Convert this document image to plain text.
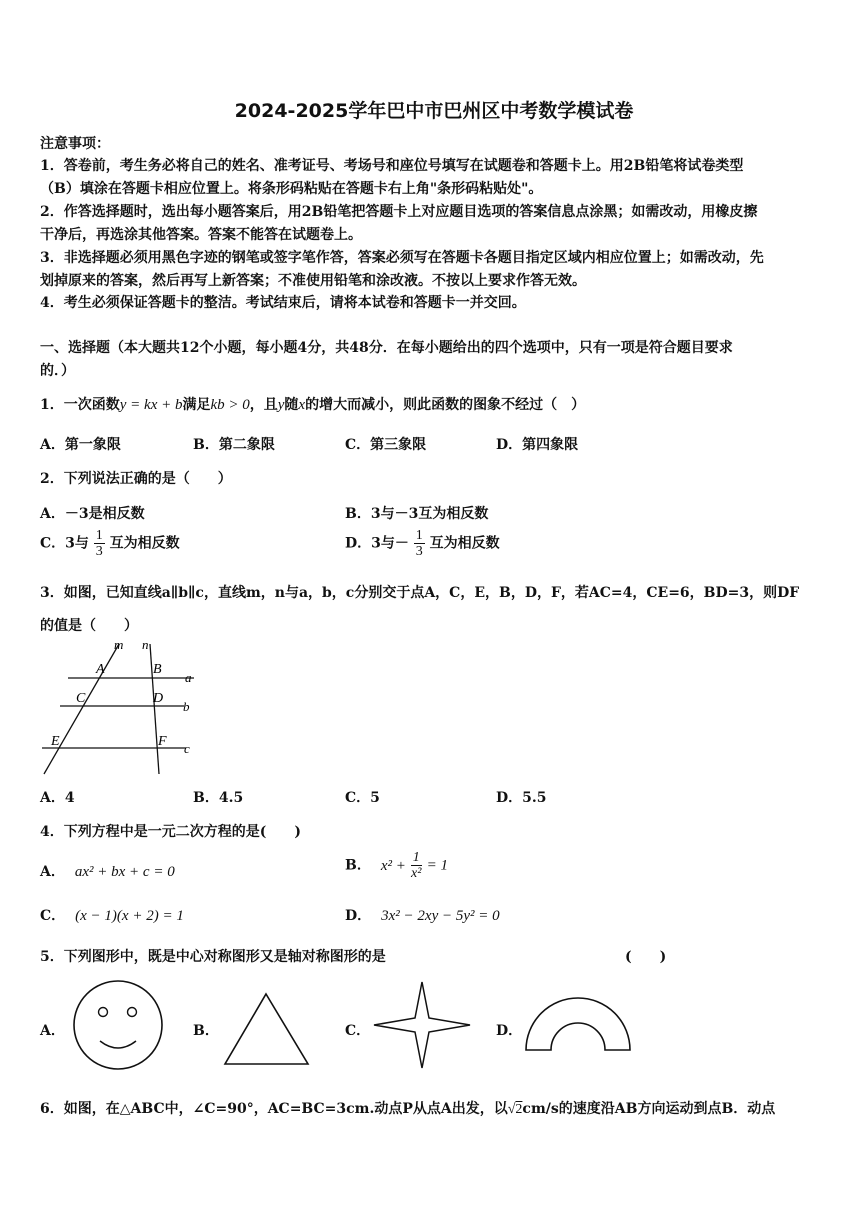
2024-2025学年巴中市巴州区中考数学模试卷
注意事项：
1．答卷前，考生务必将自己的姓名、准考证号、考场号和座位号填写在试题卷和答题卡上。用2B铅笔将试卷类型
（B）填涂在答题卡相应位置上。将条形码粘贴在答题卡右上角"条形码粘贴处"。
2．作答选择题时，选出每小题答案后，用2B铅笔把答题卡上对应题目选项的答案信息点涂黑；如需改动，用橡皮擦
干净后，再选涂其他答案。答案不能答在试题卷上。
3．非选择题必须用黑色字迹的钢笔或签字笔作答，答案必须写在答题卡各题目指定区域内相应位置上；如需改动，先
划掉原来的答案，然后再写上新答案；不准使用铅笔和涂改液。不按以上要求作答无效。
4．考生必须保证答题卡的整洁。考试结束后，请将本试卷和答题卡一并交回。
一、选择题（本大题共12个小题，每小题4分，共48分．在每小题给出的四个选项中，只有一项是符合题目要求
的．）
1．一次函数y = kx + b满足kb > 0，且y随x的增大而减小，则此函数的图象不经过（　）
A．第一象限	B．第二象限	C．第三象限	D．第四象限
2．下列说法正确的是（　　）
A．－3是相反数	B．3与－3互为相反数
C．3与 $\frac{1}{3}$ 互为相反数	D．3与－ $\frac{1}{3}$ 互为相反数
3．如图，已知直线a∥b∥c，直线m，n与a，b，c分别交于点A，C，E，B，D，F，若AC=4，CE=6，BD=3，则DF
的值是（　　）
m n
A	B
C	D
E	F
a
b
c
A．4	B．4.5	C．5	D．5.5
4．下列方程中是一元二次方程的是(　　)
A． ax² + bx + c = 0	B． $x^2 + \frac{1}{\text{x²}} = 1$
C． (x − 1)(x + 2) = 1	D． 3x² − 2xy − 5y² = 0
5．下列图形中，既是中心对称图形又是轴对称图形的是	(　　)
A．	B．	C．	D．
6．如图，在△ABC中，∠C=90°，AC=BC=3cm.动点P从点A出发，以√2cm/s的速度沿AB方向运动到点B．动点
